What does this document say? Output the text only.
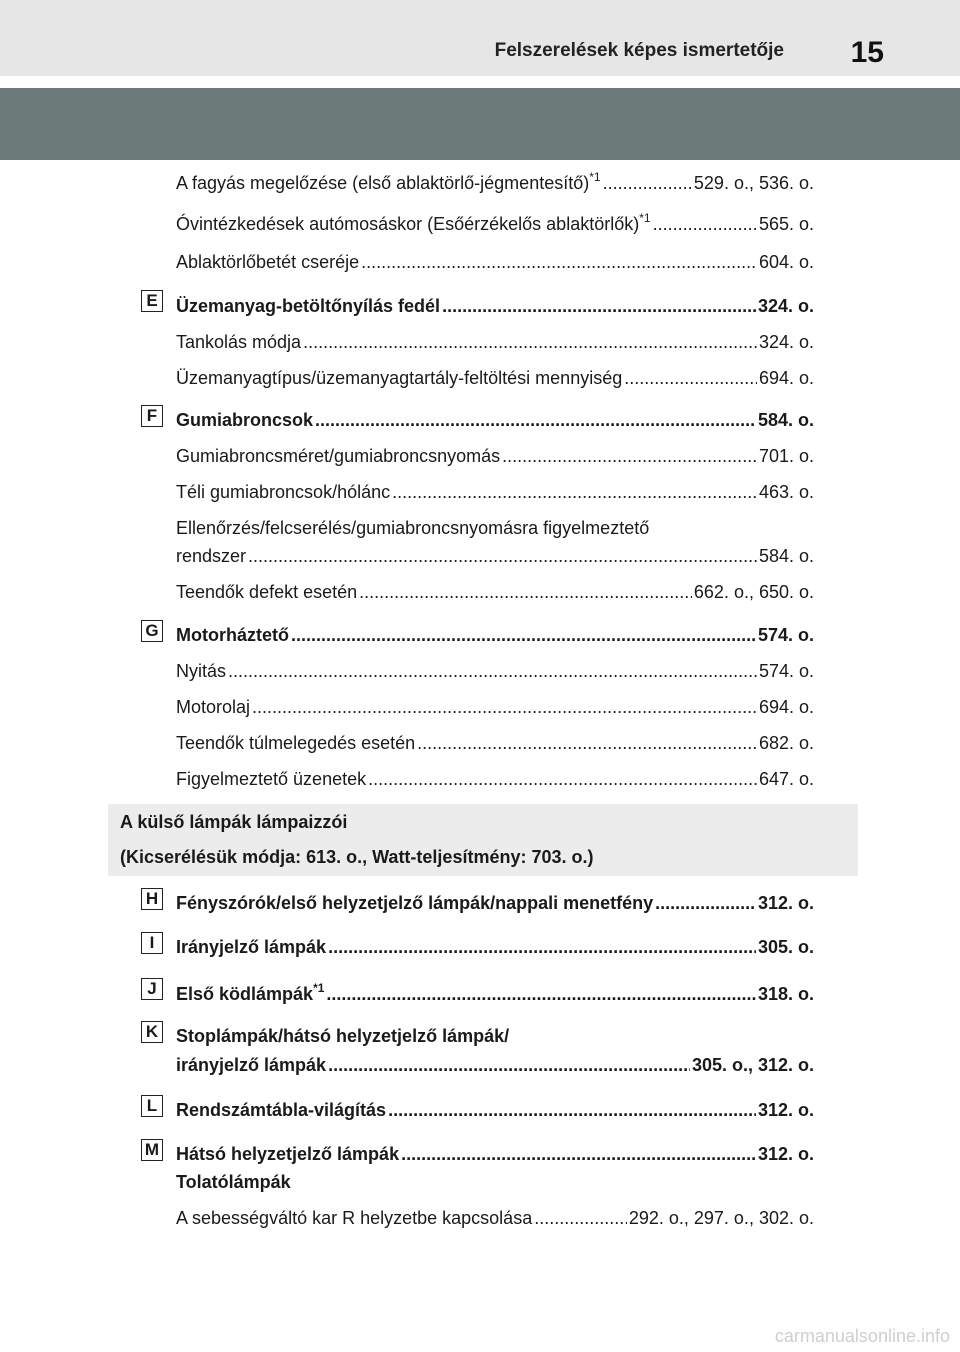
Felszerelések képes ismertetője 15
A fagyás megelőzése (első ablaktörlő-jégmentesítő)$^{*1}$ .....	529. o., 536. o.
Óvintézkedések autómosáskor (Esőérzékelős ablaktörlők)$^{*1}$ .....	565. o.
Ablaktörlőbetét cseréje .....	604. o.
E Üzemanyag-betöltőnyílás fedél .....	324. o.
Tankolás módja .....	324. o.
Üzemanyagtípus/üzemanyagtartály-feltöltési mennyiség .....	694. o.
F	Gumiabroncsok .....	584. o.
Gumiabroncsméret/gumiabroncsnyomás .....	701. o.
Téli gumiabroncsok/hólánc .....	463. o.
Ellenőrzés/felcserélés/gumiabroncsnyomásra figyelmeztető
rendszer .....	584. o.
Teendők defekt esetén .....	662. o., 650. o.
G Motorháztető .....	574. o.
Nyitás .....	574. o.
Motorolaj .....	694. o.
Teendők túlmelegedés esetén .....	682. o.
Figyelmeztető üzenetek .....	647. o.
A külső lámpák lámpaizzói
(Kicserélésük módja: 613. o., Watt-teljesítmény: 703. o.)
H Fényszórók/első helyzetjelző lámpák/nappali menetfény .....	312. o.
I	Irányjelző lámpák .....	305. o.
J	Első ködlámpák$^{*1}$ .....	318. o.
K Stoplámpák/hátsó helyzetjelző lámpák/
irányjelző lámpák .....	305. o., 312. o.
L	Rendszámtábla-világítás .....	312. o.
M Hátsó helyzetjelző lámpák .....	312. o.
Tolatólámpák
A sebességváltó kar R helyzetbe kapcsolása .....	292. o., 297. o., 302. o.
carmanualsonline.info
